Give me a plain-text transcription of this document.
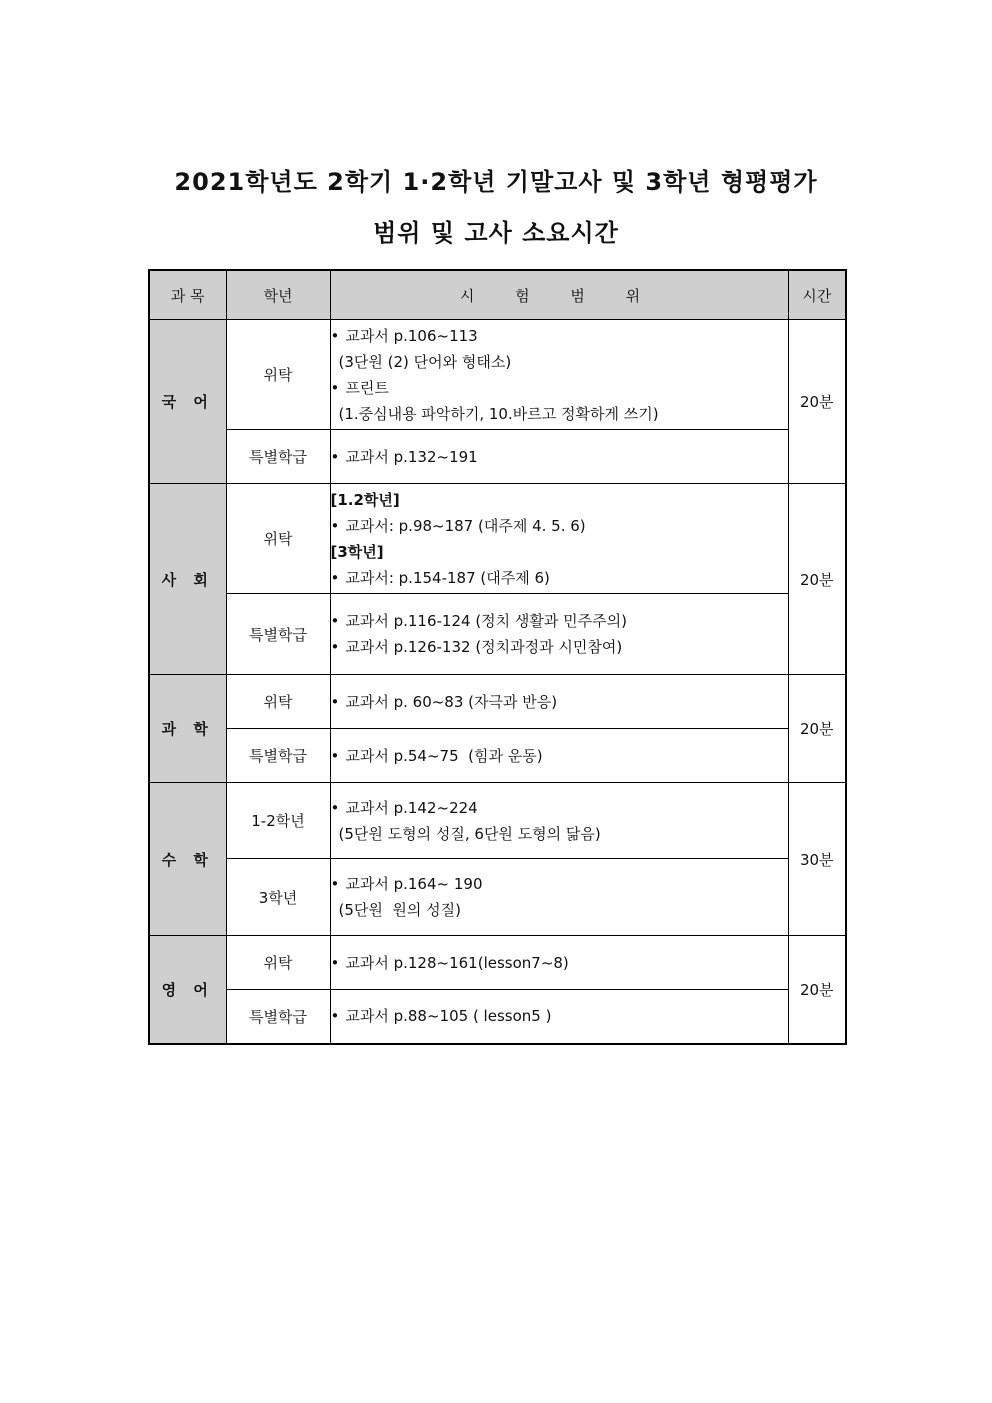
2021학년도 2학기 1·2학년 기말고사 및 3학년 형평평가
범위 및 고사 소요시간
과 목	학년	시 험 범 위	시간
국 어	위탁	• 교과서 p.106~113
(3단원 (2) 단어와 형태소)
• 프린트
(1.중심내용 파악하기, 10.바르고 정확하게 쓰기)	20분
	특별학급	• 교과서 p.132~191

사 회	위탁	[1.2학년]
• 교과서: p.98~187 (대주제 4. 5. 6)
[3학년]
• 교과서: p.154-187 (대주제 6)	20분
	특별학급	• 교과서 p.116-124 (정치 생활과 민주주의)
• 교과서 p.126-132 (정치과정과 시민참여)

과 학	위탁	• 교과서 p. 60~83 (자극과 반응)	20분
	특별학급	• 교과서 p.54~75  (힘과 운동)

수 학	1-2학년	• 교과서 p.142~224
(5단원 도형의 성질, 6단원 도형의 닮음)	30분
	3학년	• 교과서 p.164~ 190
(5단원  원의 성질)

영 어	위탁	• 교과서 p.128~161(lesson7~8)	20분
	특별학급	• 교과서 p.88~105 ( lesson5 )
